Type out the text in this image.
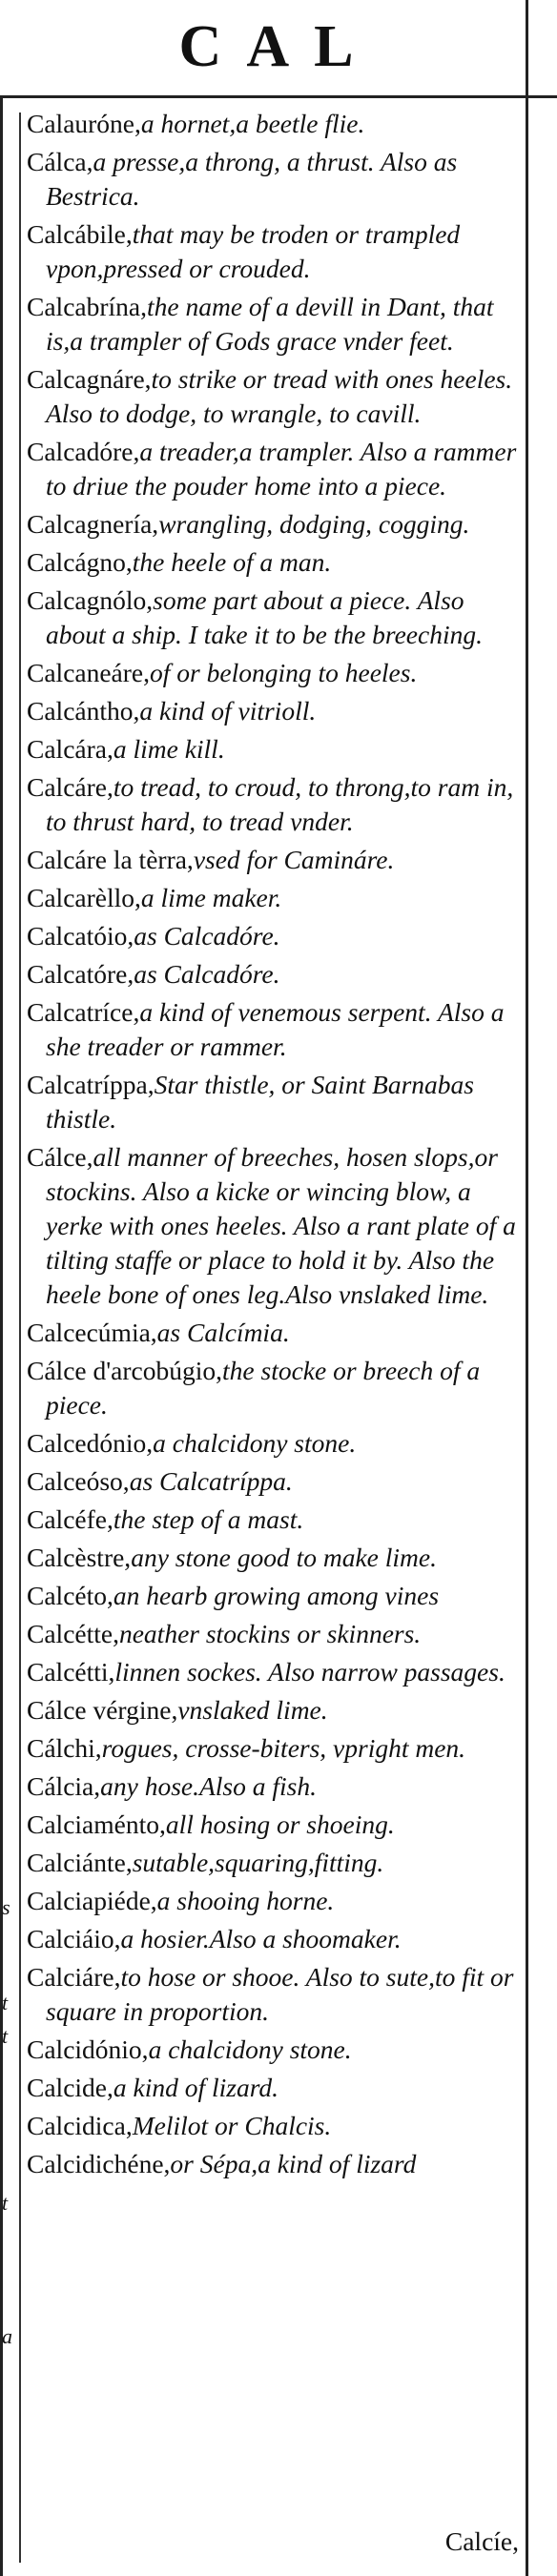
CAL
s
t
t
t
a

Calauróne,a hornet,a beetle flie.

Cálca,a presse,a throng, a thrust. Also as Bestrica.

Calcábile,that may be troden or trampled vpon,pressed or crouded.

Calcabrína,the name of a devill in Dant, that is,a trampler of Gods grace vnder feet.

Calcagnáre,to strike or tread with ones heeles. Also to dodge, to wrangle, to cavill.

Calcadóre,a treader,a trampler. Also a rammer to driue the pouder home into a piece.

Calcagnería,wrangling, dodging, cogging.

Calcágno,the heele of a man.

Calcagnólo,some part about a piece. Also about a ship. I take it to be the breeching.

Calcaneáre,of or belonging to heeles.

Calcántho,a kind of vitrioll.

Calcára,a lime kill.

Calcáre,to tread, to croud, to throng,to ram in, to thrust hard, to tread vnder.

Calcáre la tèrra,vsed for Camináre.

Calcarèllo,a lime maker.

Calcatóio,as Calcadóre.

Calcatóre,as Calcadóre.

Calcatríce,a kind of venemous serpent. Also a she treader or rammer.

Calcatríppa,Star thistle, or Saint Barnabas thistle.

Cálce,all manner of breeches, hosen slops,or stockins. Also a kicke or wincing blow, a yerke with ones heeles. Also a rant plate of a tilting staffe or place to hold it by. Also the heele bone of ones leg.Also vnslaked lime.

Calcecúmia,as Calcímia.

Cálce d'arcobúgio,the stocke or breech of a piece.

Calcedónio,a chalcidony stone.

Calceóso,as Calcatríppa.

Calcéfe,the step of a mast.

Calcèstre,any stone good to make lime.

Calcéto,an hearb growing among vines

Calcétte,neather stockins or skinners.

Calcétti,linnen sockes. Also narrow passages.

Cálce vérgine,vnslaked lime.

Cálchi,rogues, crosse-biters, vpright men.

Cálcia,any hose.Also a fish.

Calciaménto,all hosing or shoeing.

Calciánte,sutable,squaring,fitting.

Calciapiéde,a shooing horne.

Calciáio,a hosier.Also a shoomaker.

Calciáre,to hose or shooe. Also to sute,to fit or square in proportion.

Calcidónio,a chalcidony stone.

Calcide,a kind of lizard.

Calcidica,Melilot or Chalcis.

Calcidichéne,or Sépa,a kind of lizard

Calcíe,
